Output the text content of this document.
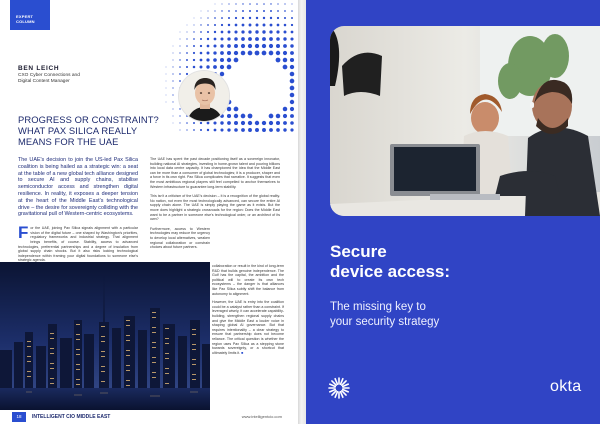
EXPERT
COLUMN
BEN LEICH
CXO Cyber Connections and
Digital Content Manager
PROGRESS OR CONSTRAINT?
WHAT PAX SILICA REALLY
MEANS FOR THE UAE

The UAE's decision to join the US-led Pax Silica coalition is being hailed as a strategic win: a seat at the table of a new global tech alliance designed to secure AI and supply chains, stabilise semiconductor access and strengthen digital resilience. In reality, it exposes a deeper tension at the heart of the Middle East's technological drive – the desire for sovereignty colliding with the gravitational pull of Western-centric ecosystems.

For the UAE, joining Pax Silica signals alignment with a particular vision of the digital future – one shaped by Washington's priorities, regulatory frameworks and industrial strategy. That alignment brings benefits, of course. Stability, access to advanced technologies, preferential partnerships and a degree of insulation from global supply chain shocks. But it also risks locking technological independence within framing your digital foundations to someone else's strategic agenda.

The UAE has spent the past decade positioning itself as a sovereign innovator, building national AI strategies, investing in home-grown talent and pouring billions into local data centre capacity. It has championed the idea that the Middle East can be more than a consumer of global technologies; it is a producer, shaper and a force in its own right. Pax Silica complicates that narrative. It suggests that even the most ambitious regional players still feel compelled to anchor themselves to Western infrastructure to guarantee long-term stability.

This isn't a criticism of the UAE's decision – it is a recognition of the global reality. No nation, not even the most technologically advanced, can secure the entire AI supply chain alone. The UAE is simply playing the game as it exists. But the move does highlight a strategic crossroads for the region: Does the Middle East want to be a partner in someone else's technological order, or an architect of its own?

Furthermore, access to Western technologies may reduce the urgency to develop local alternatives, weaken regional collaboration or constrain choices about future partners.

collaboration or result in the kind of long-term R&D that builds genuine independence. The Gulf has the capital, the ambition and the political will to create its own tech ecosystems – the danger is that alliances like Pax Silica subtly shift the balance from autonomy to alignment.

However, the UAE is entry into the coalition could be a catalyst rather than a constraint. If leveraged wisely, it can accelerate capability-building, strengthen regional supply chains and give the Middle East a louder voice in shaping global AI governance. But that requires intentionality – a clear strategy to ensure that partnership does not become reliance. The critical question is whether the region uses Pax Silica as a stepping stone towards sovereignty, or a shortcut that ultimately limits it. ■

18	INTELLIGENT CIO MIDDLE EAST	www.intelligentcio.com
Secure
device access:
The missing key to
your security strategy
okta
